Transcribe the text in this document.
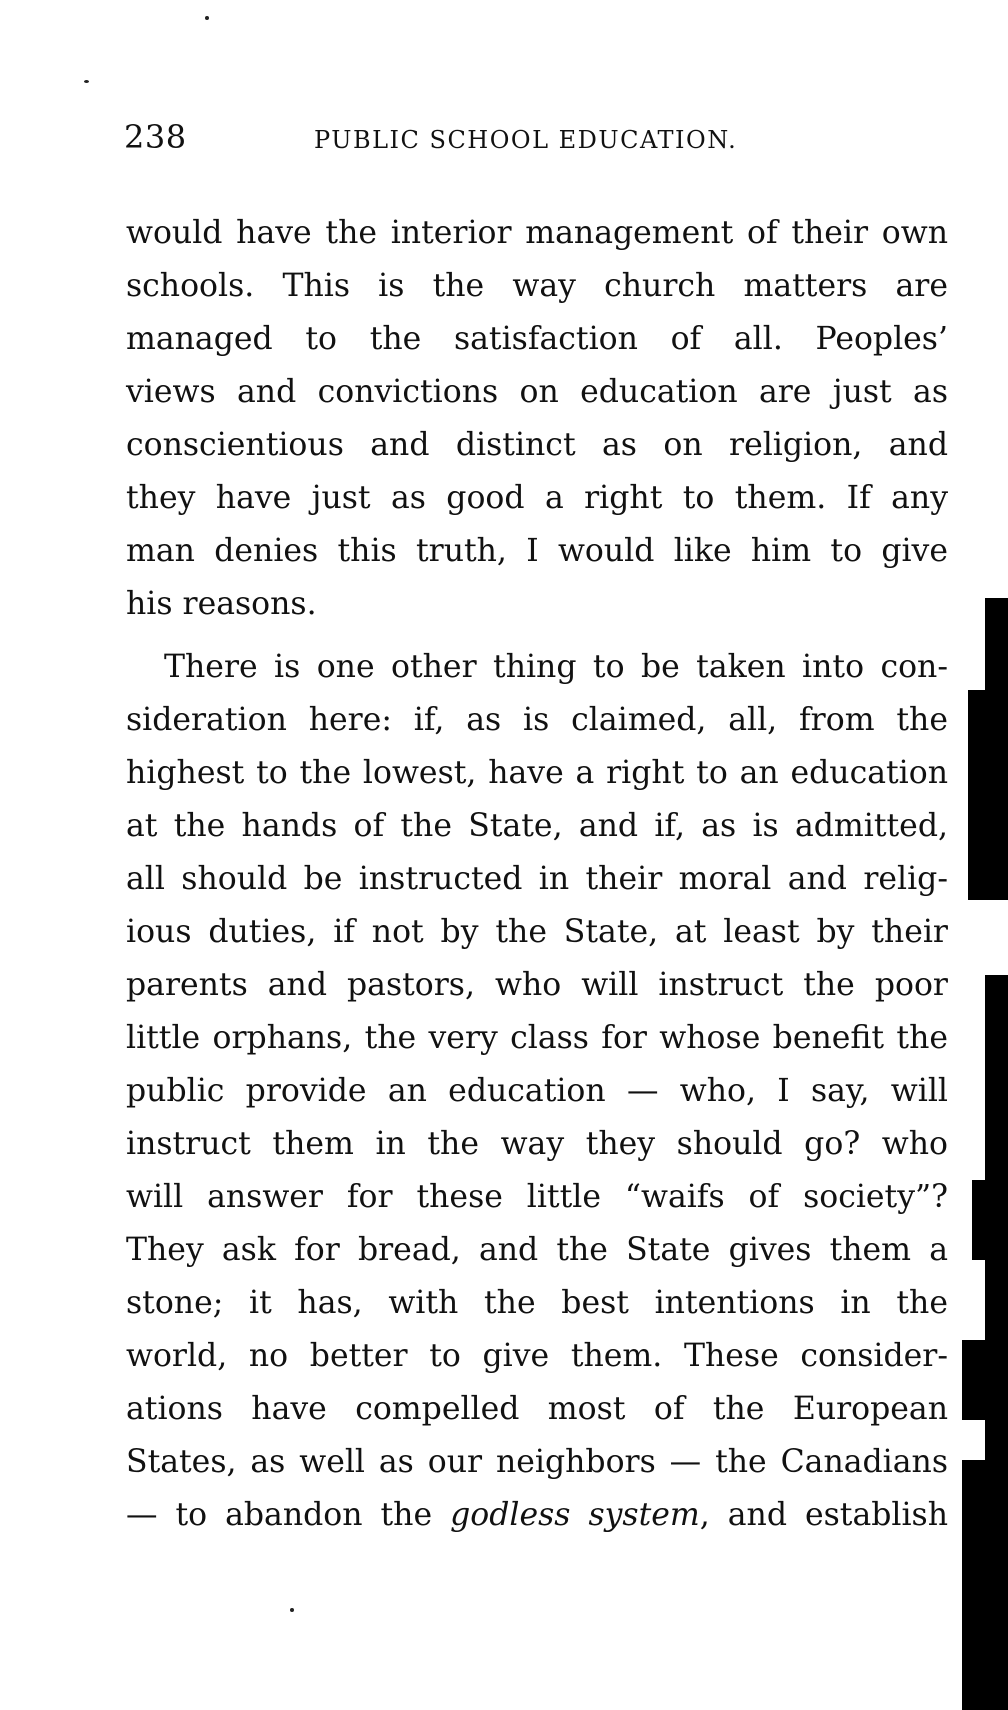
238	PUBLIC SCHOOL EDUCATION.
would have the interior management of their own
schools. This is the way church matters are
managed to the satisfaction of all. Peoples’
views and convictions on education are just as
conscientious and distinct as on religion, and
they have just as good a right to them. If any
man denies this truth, I would like him to give
his reasons.
There is one other thing to be taken into con-
sideration here: if, as is claimed, all, from the
highest to the lowest, have a right to an education
at the hands of the State, and if, as is admitted,
all should be instructed in their moral and relig-
ious duties, if not by the State, at least by their
parents and pastors, who will instruct the poor
little orphans, the very class for whose benefit the
public provide an education — who, I say, will
instruct them in the way they should go? who
will answer for these little “waifs of society”?
They ask for bread, and the State gives them a
stone; it has, with the best intentions in the
world, no better to give them. These consider-
ations have compelled most of the European
States, as well as our neighbors — the Canadians
— to abandon the godless system, and establish
